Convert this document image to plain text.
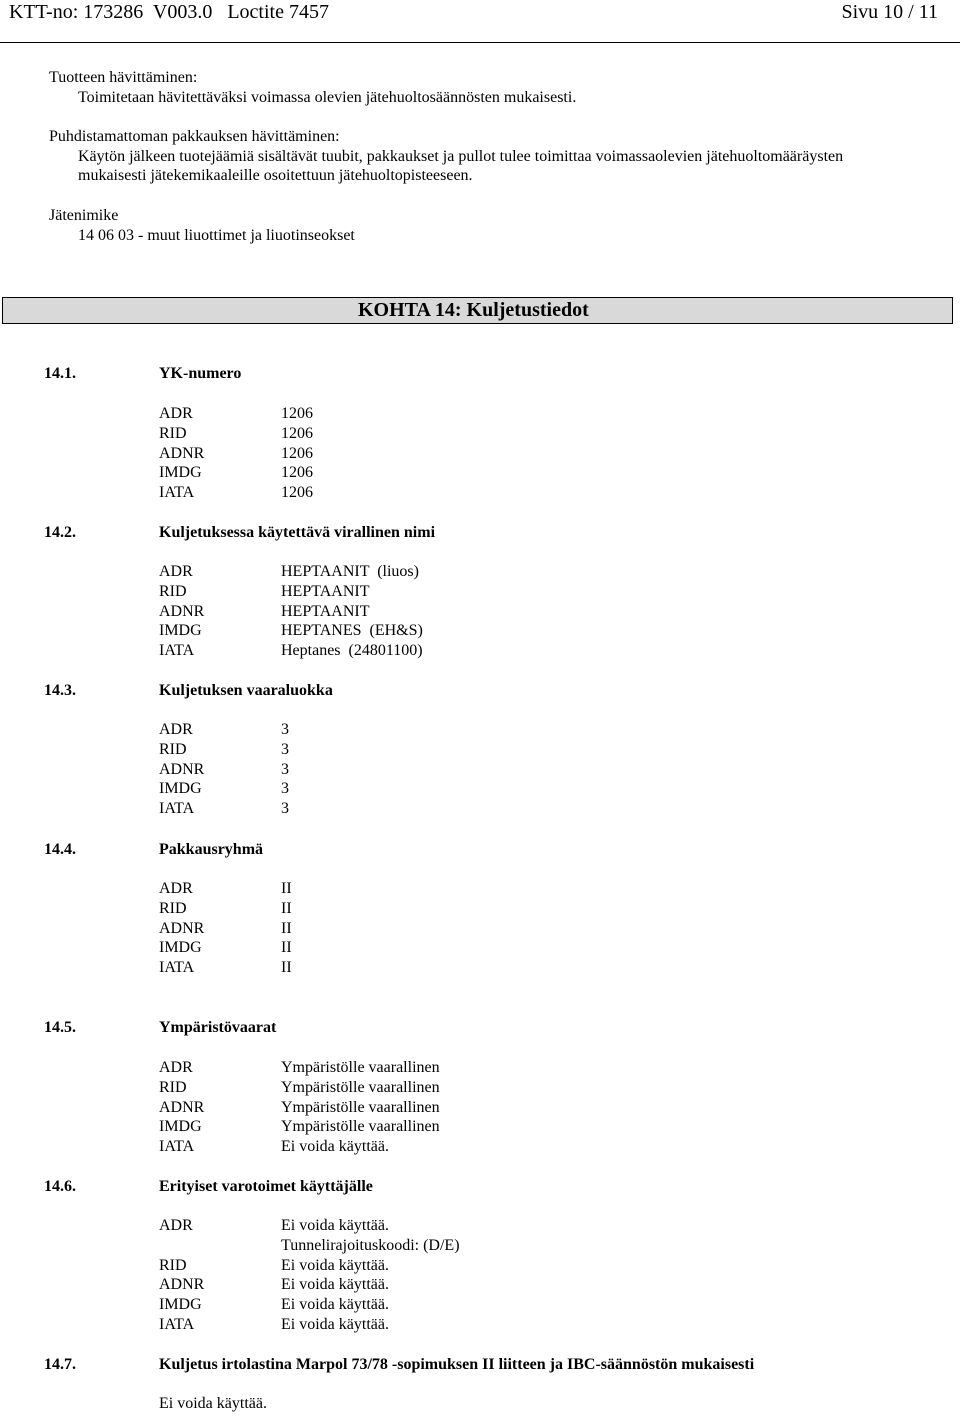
KTT-no: 173286  V003.0   Loctite 7457	Sivu 10 / 11
Tuotteen hävittäminen:
Toimitetaan hävitettäväksi voimassa olevien jätehuoltosäännösten mukaisesti.
Puhdistamattoman pakkauksen hävittäminen:
Käytön jälkeen tuotejäämiä sisältävät tuubit, pakkaukset ja pullot tulee toimittaa voimassaolevien jätehuoltomääräysten
mukaisesti jätekemikaaleille osoitettuun jätehuoltopisteeseen.
Jätenimike
14 06 03 - muut liuottimet ja liuotinseokset
KOHTA 14: Kuljetustiedot
14.1.	YK-numero
ADR	1206
RID	1206
ADNR	1206
IMDG	1206
IATA	1206
14.2.	Kuljetuksessa käytettävä virallinen nimi
ADR	HEPTAANIT  (liuos)
RID	HEPTAANIT
ADNR	HEPTAANIT
IMDG	HEPTANES  (EH&S)
IATA	Heptanes  (24801100)
14.3.	Kuljetuksen vaaraluokka
ADR	3
RID	3
ADNR	3
IMDG	3
IATA	3
14.4.	Pakkausryhmä
ADR	II
RID	II
ADNR	II
IMDG	II
IATA	II
14.5.	Ympäristövaarat
ADR	Ympäristölle vaarallinen
RID	Ympäristölle vaarallinen
ADNR	Ympäristölle vaarallinen
IMDG	Ympäristölle vaarallinen
IATA	Ei voida käyttää.
14.6.	Erityiset varotoimet käyttäjälle
ADR	Ei voida käyttää.
Tunnelirajoituskoodi: (D/E)
RID	Ei voida käyttää.
ADNR	Ei voida käyttää.
IMDG	Ei voida käyttää.
IATA	Ei voida käyttää.
14.7.	Kuljetus irtolastina Marpol 73/78 -sopimuksen II liitteen ja IBC-säännöstön mukaisesti
Ei voida käyttää.
